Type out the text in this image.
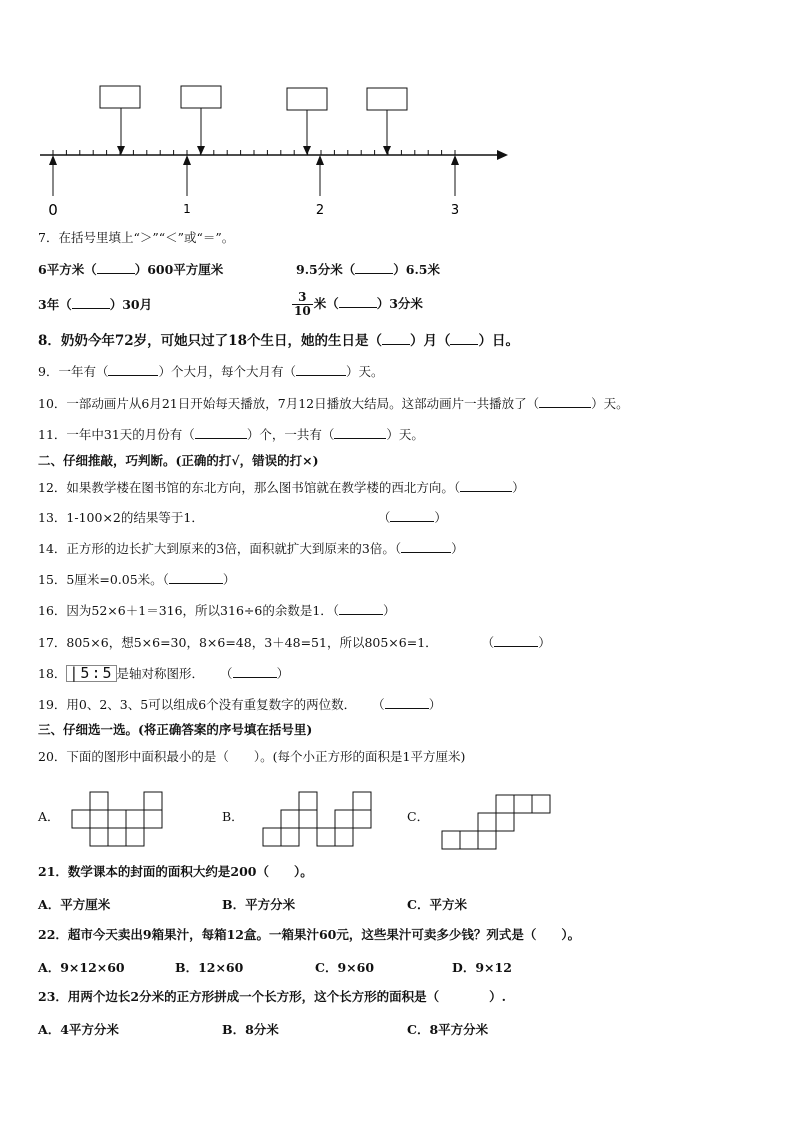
0	1	2	3
7．在括号里填上“＞”“＜”或“＝”。
6平方米（	）600平方厘米	9.5分米（	）6.5米
3年（	）30月	$\frac{3}{10}$ 米（	）3分米
8．奶奶今年72岁，可她只过了18个生日，她的生日是（ ）月（ ）日。
9．一年有（	）个大月，每个大月有（	）天。
10．一部动画片从6月21日开始每天播放，7月12日播放大结局。这部动画片一共播放了（	）天。
11．一年中31天的月份有（	）个，一共有（	）天。
二、仔细推敲，巧判断。(正确的打√，错误的打×)
12．如果教学楼在图书馆的东北方向，那么图书馆就在教学楼的西北方向。（	）
13．1-100×2的结果等于1．	（	）
14．正方形的边长扩大到原来的3倍，面积就扩大到原来的3倍。（	）
15．5厘米=0.05米。（	）
16．因为52×6＋1＝316，所以316÷6的余数是1．（	）
17．805×6，想5×6=30，8×6=48，3＋48=51，所以805×6=1．	（	）
18． |5:5 是轴对称图形． （	）
19．用0、2、3、5可以组成6个没有重复数字的两位数． （	）
三、仔细选一选。(将正确答案的序号填在括号里)
20．下面的图形中面积最小的是（　　）。(每个小正方形的面积是1平方厘米)
A．	B．	C．
21．数学课本的封面的面积大约是200（　　）。
A．平方厘米	B．平方分米	C．平方米
22．超市今天卖出9箱果汁，每箱12盒。一箱果汁60元，这些果汁可卖多少钱？列式是（　　）。
A．9×12×60	B．12×60	C．9×60	D．9×12
23．用两个边长2分米的正方形拼成一个长方形，这个长方形的面积是（　　　　）.
A．4平方分米	B．8分米	C．8平方分米
